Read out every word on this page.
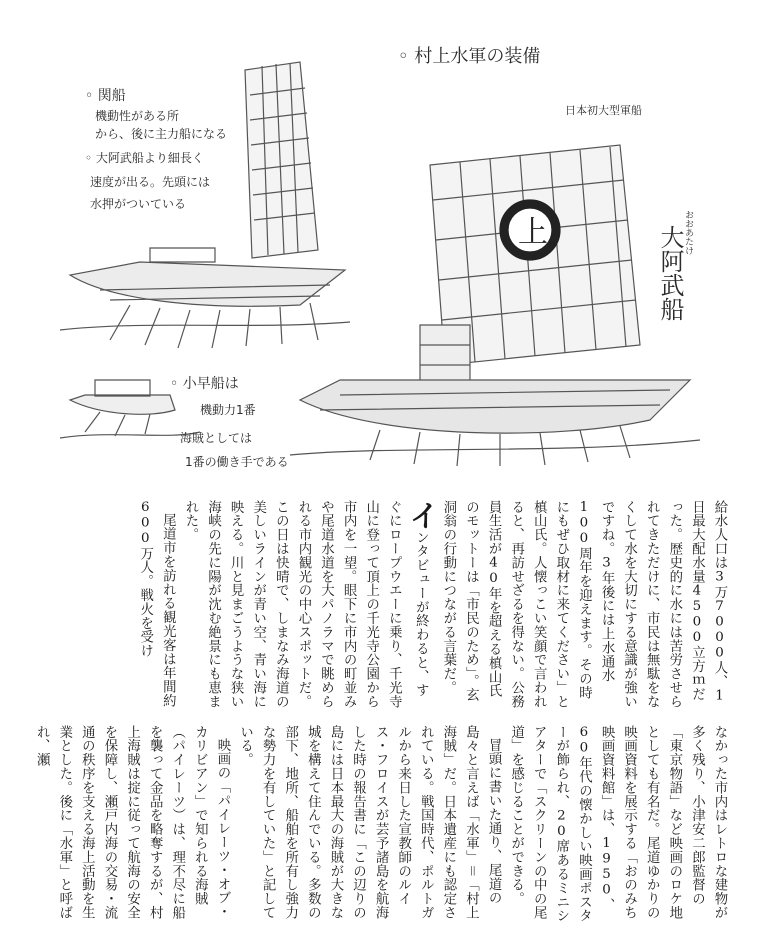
◦ 村上水軍の装備
◦ 関船
機動性がある所
から、後に主力船になる
◦ 大阿武船より細長く
速度が出る。先頭には
水押がついている
日本初大型軍船
おおあたけ
大阿武船
上
◦ 小早船は
機動力1番
海賊としては
1番の働き手である

給水人口は3万7000人、1日最大配水量4500立方ｍだった。歴史的に水には苦労させられてきただけに、市民は無駄をなくして水を大切にする意識が強いですね。3年後には上水通水100周年を迎えます。その時にもぜひ取材に来てください」と槙山氏。人懐っこい笑顔で言われると、再訪せざるを得ない。公務員生活が40年を超える槙山氏のモットーは「市民のため」。玄洞翁の行動につながる言葉だ。

インタビューが終わると、すぐにロープウエーに乗り、千光寺山に登って頂上の千光寺公園から市内を一望。眼下に市内の町並みや尾道水道を大パノラマで眺められる市内観光の中心スポットだ。この日は快晴で、しまなみ海道の美しいラインが青い空、青い海に映える。川と見まごうような狭い海峡の先に陽が沈む絶景にも恵まれた。

尾道市を訪れる観光客は年間約600万人。戦火を受け

なかった市内はレトロな建物が多く残り、小津安二郎監督の「東京物語」など映画のロケ地としても有名だ。尾道ゆかりの映画資料を展示する「おのみち映画資料館」は、1950、60年代の懐かしい映画ポスターが飾られ、20席あるミニシアターで「スクリーンの中の尾道」を感じることができる。

冒頭に書いた通り、尾道の島々と言えば「水軍」＝「村上海賊」だ。日本遺産にも認定されている。戦国時代、ポルトガルから来日した宣教師のルイス・フロイスが芸予諸島を航海した時の報告書に「この辺りの島には日本最大の海賊が大きな城を構えて住んでいる。多数の部下、地所、船舶を所有し強力な勢力を有していた」と記している。

映画の「パイレーツ・オブ・カリビアン」で知られる海賊（パイレーツ）は、理不尽に船を襲って金品を略奪するが、村上海賊は掟に従って航海の安全を保障し、瀬戸内海の交易・流通の秩序を支える海上活動を生業とした。後に「水軍」と呼ばれ、瀬
